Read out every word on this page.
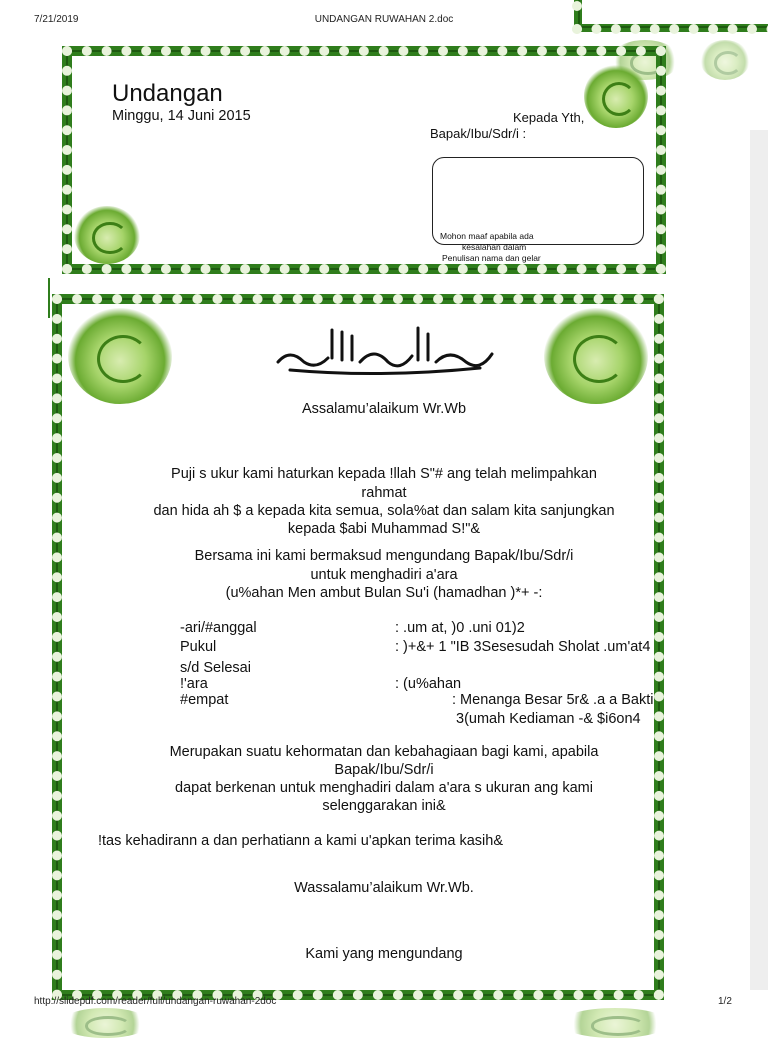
7/21/2019	UNDANGAN RUWAHAN 2.doc
Undangan
Minggu, 14 Juni 2015	Kepada Yth,
Bapak/Ibu/Sdr/i :
Mohon maaf apabila ada
kesalahan dalam
Penulisan nama dan gelar
Assalamu’alaikum Wr.Wb
Puji s ukur kami haturkan kepada !llah S"# ang telah melimpahkan
rahmat
dan hida ah $ a kepada kita semua, sola%at dan salam kita sanjungkan
kepada $abi Muhammad S!"&
Bersama ini kami bermaksud mengundang Bapak/Ibu/Sdr/i
untuk menghadiri a'ara
(u%ahan Men ambut Bulan Su'i (hamadhan )*+ -:
-ari/#anggal	: .um at, )0 .uni 01)2
Pukul	: )+&+ 1 "IB 3Sesesudah Sholat .um'at4
s/d Selesai
!'ara	: (u%ahan
#empat	: Menanga Besar 5r& .a a Bakti
3(umah Kediaman -& $i6on4
Merupakan suatu kehormatan dan kebahagiaan bagi kami, apabila
Bapak/Ibu/Sdr/i
dapat berkenan untuk menghadiri dalam a'ara s ukuran ang kami
selenggarakan ini&
!tas kehadirann a dan perhatiann a kami u'apkan terima kasih&
Wassalamu’alaikum Wr.Wb.
Kami yang mengundang
http://slidepdf.com/reader/full/undangan-ruwahan-2doc	1/2
